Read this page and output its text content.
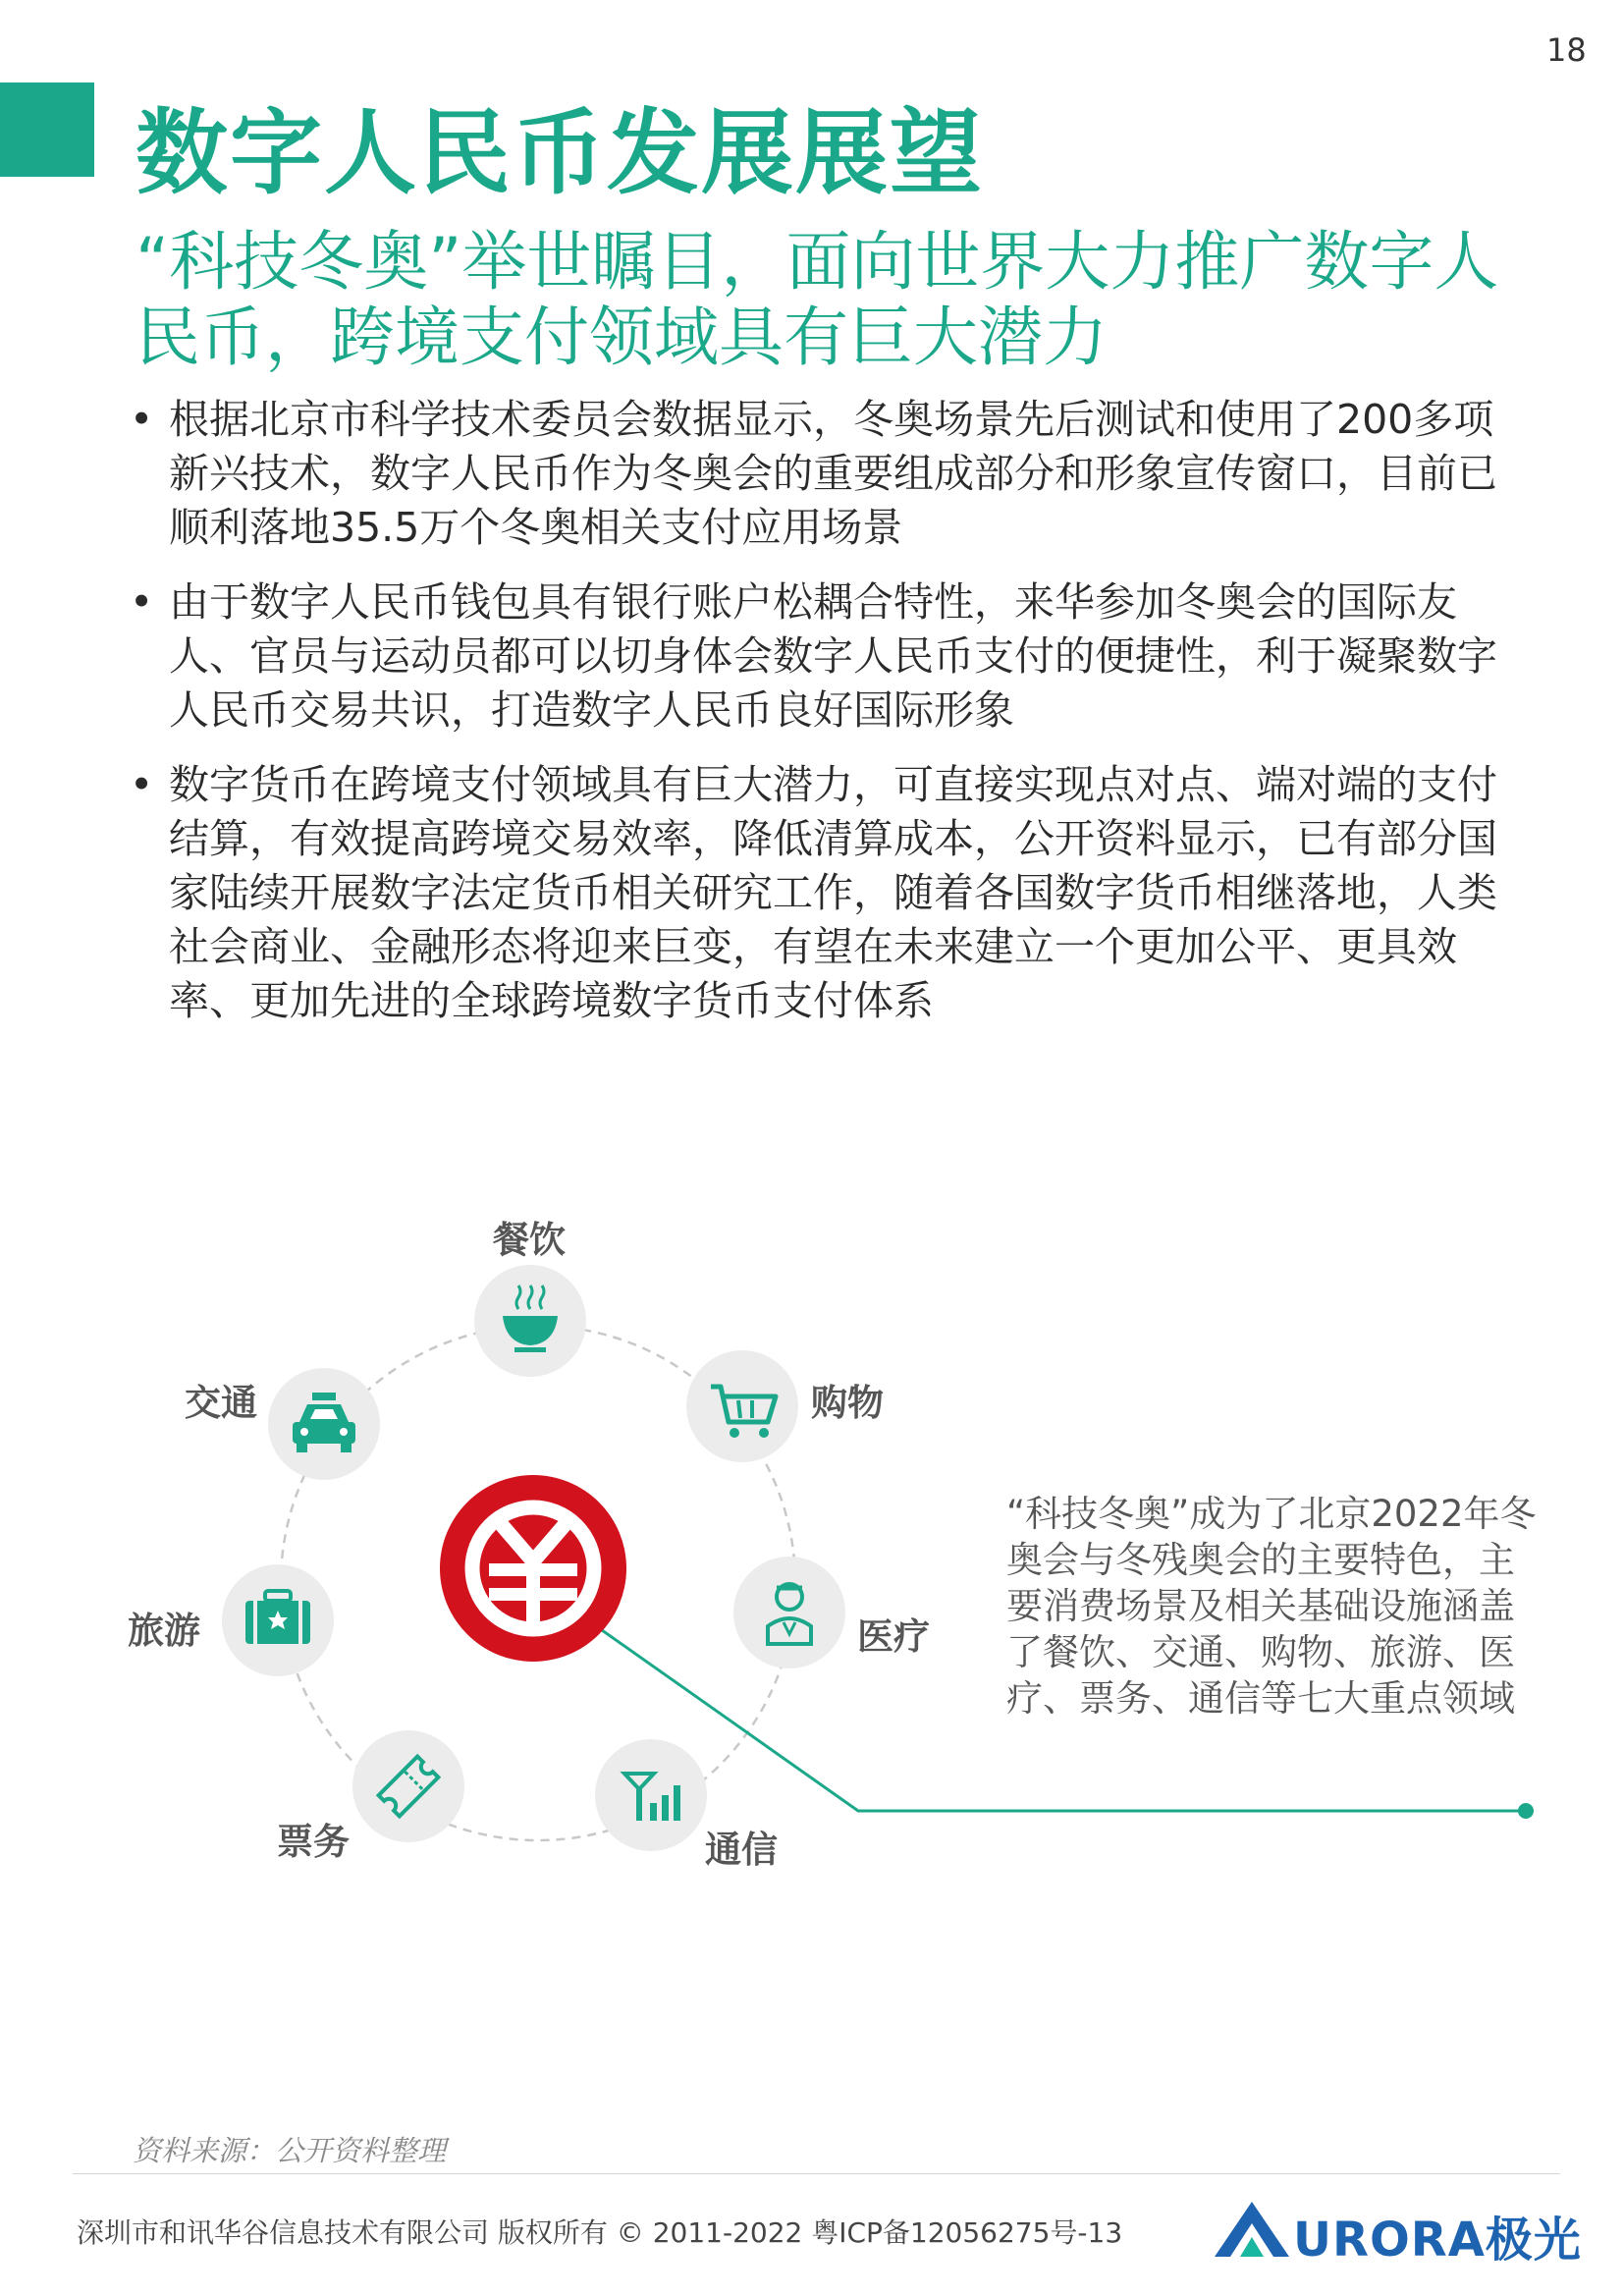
18
数字人民币发展展望
“科技冬奥”举世瞩目，面向世界大力推广数字人民币，跨境支付领域具有巨大潜力
• 根据北京市科学技术委员会数据显示，冬奥场景先后测试和使用了200多项新兴技术，数字人民币作为冬奥会的重要组成部分和形象宣传窗口，目前已顺利落地35.5万个冬奥相关支付应用场景
• 由于数字人民币钱包具有银行账户松耦合特性，来华参加冬奥会的国际友人、官员与运动员都可以切身体会数字人民币支付的便捷性，利于凝聚数字人民币交易共识，打造数字人民币良好国际形象
• 数字货币在跨境支付领域具有巨大潜力，可直接实现点对点、端对端的支付结算，有效提高跨境交易效率，降低清算成本，公开资料显示，已有部分国家陆续开展数字法定货币相关研究工作，随着各国数字货币相继落地，人类社会商业、金融形态将迎来巨变，有望在未来建立一个更加公平、更具效率、更加先进的全球跨境数字货币支付体系
餐饮
购物
医疗
通信
票务
旅游
交通
“科技冬奥”成为了北京2022年冬奥会与冬残奥会的主要特色，主要消费场景及相关基础设施涵盖了餐饮、交通、购物、旅游、医疗、票务、通信等七大重点领域
资料来源：公开资料整理
深圳市和讯华谷信息技术有限公司 版权所有 © 2011-2022 粤ICP备12056275号-13	URORA极光
